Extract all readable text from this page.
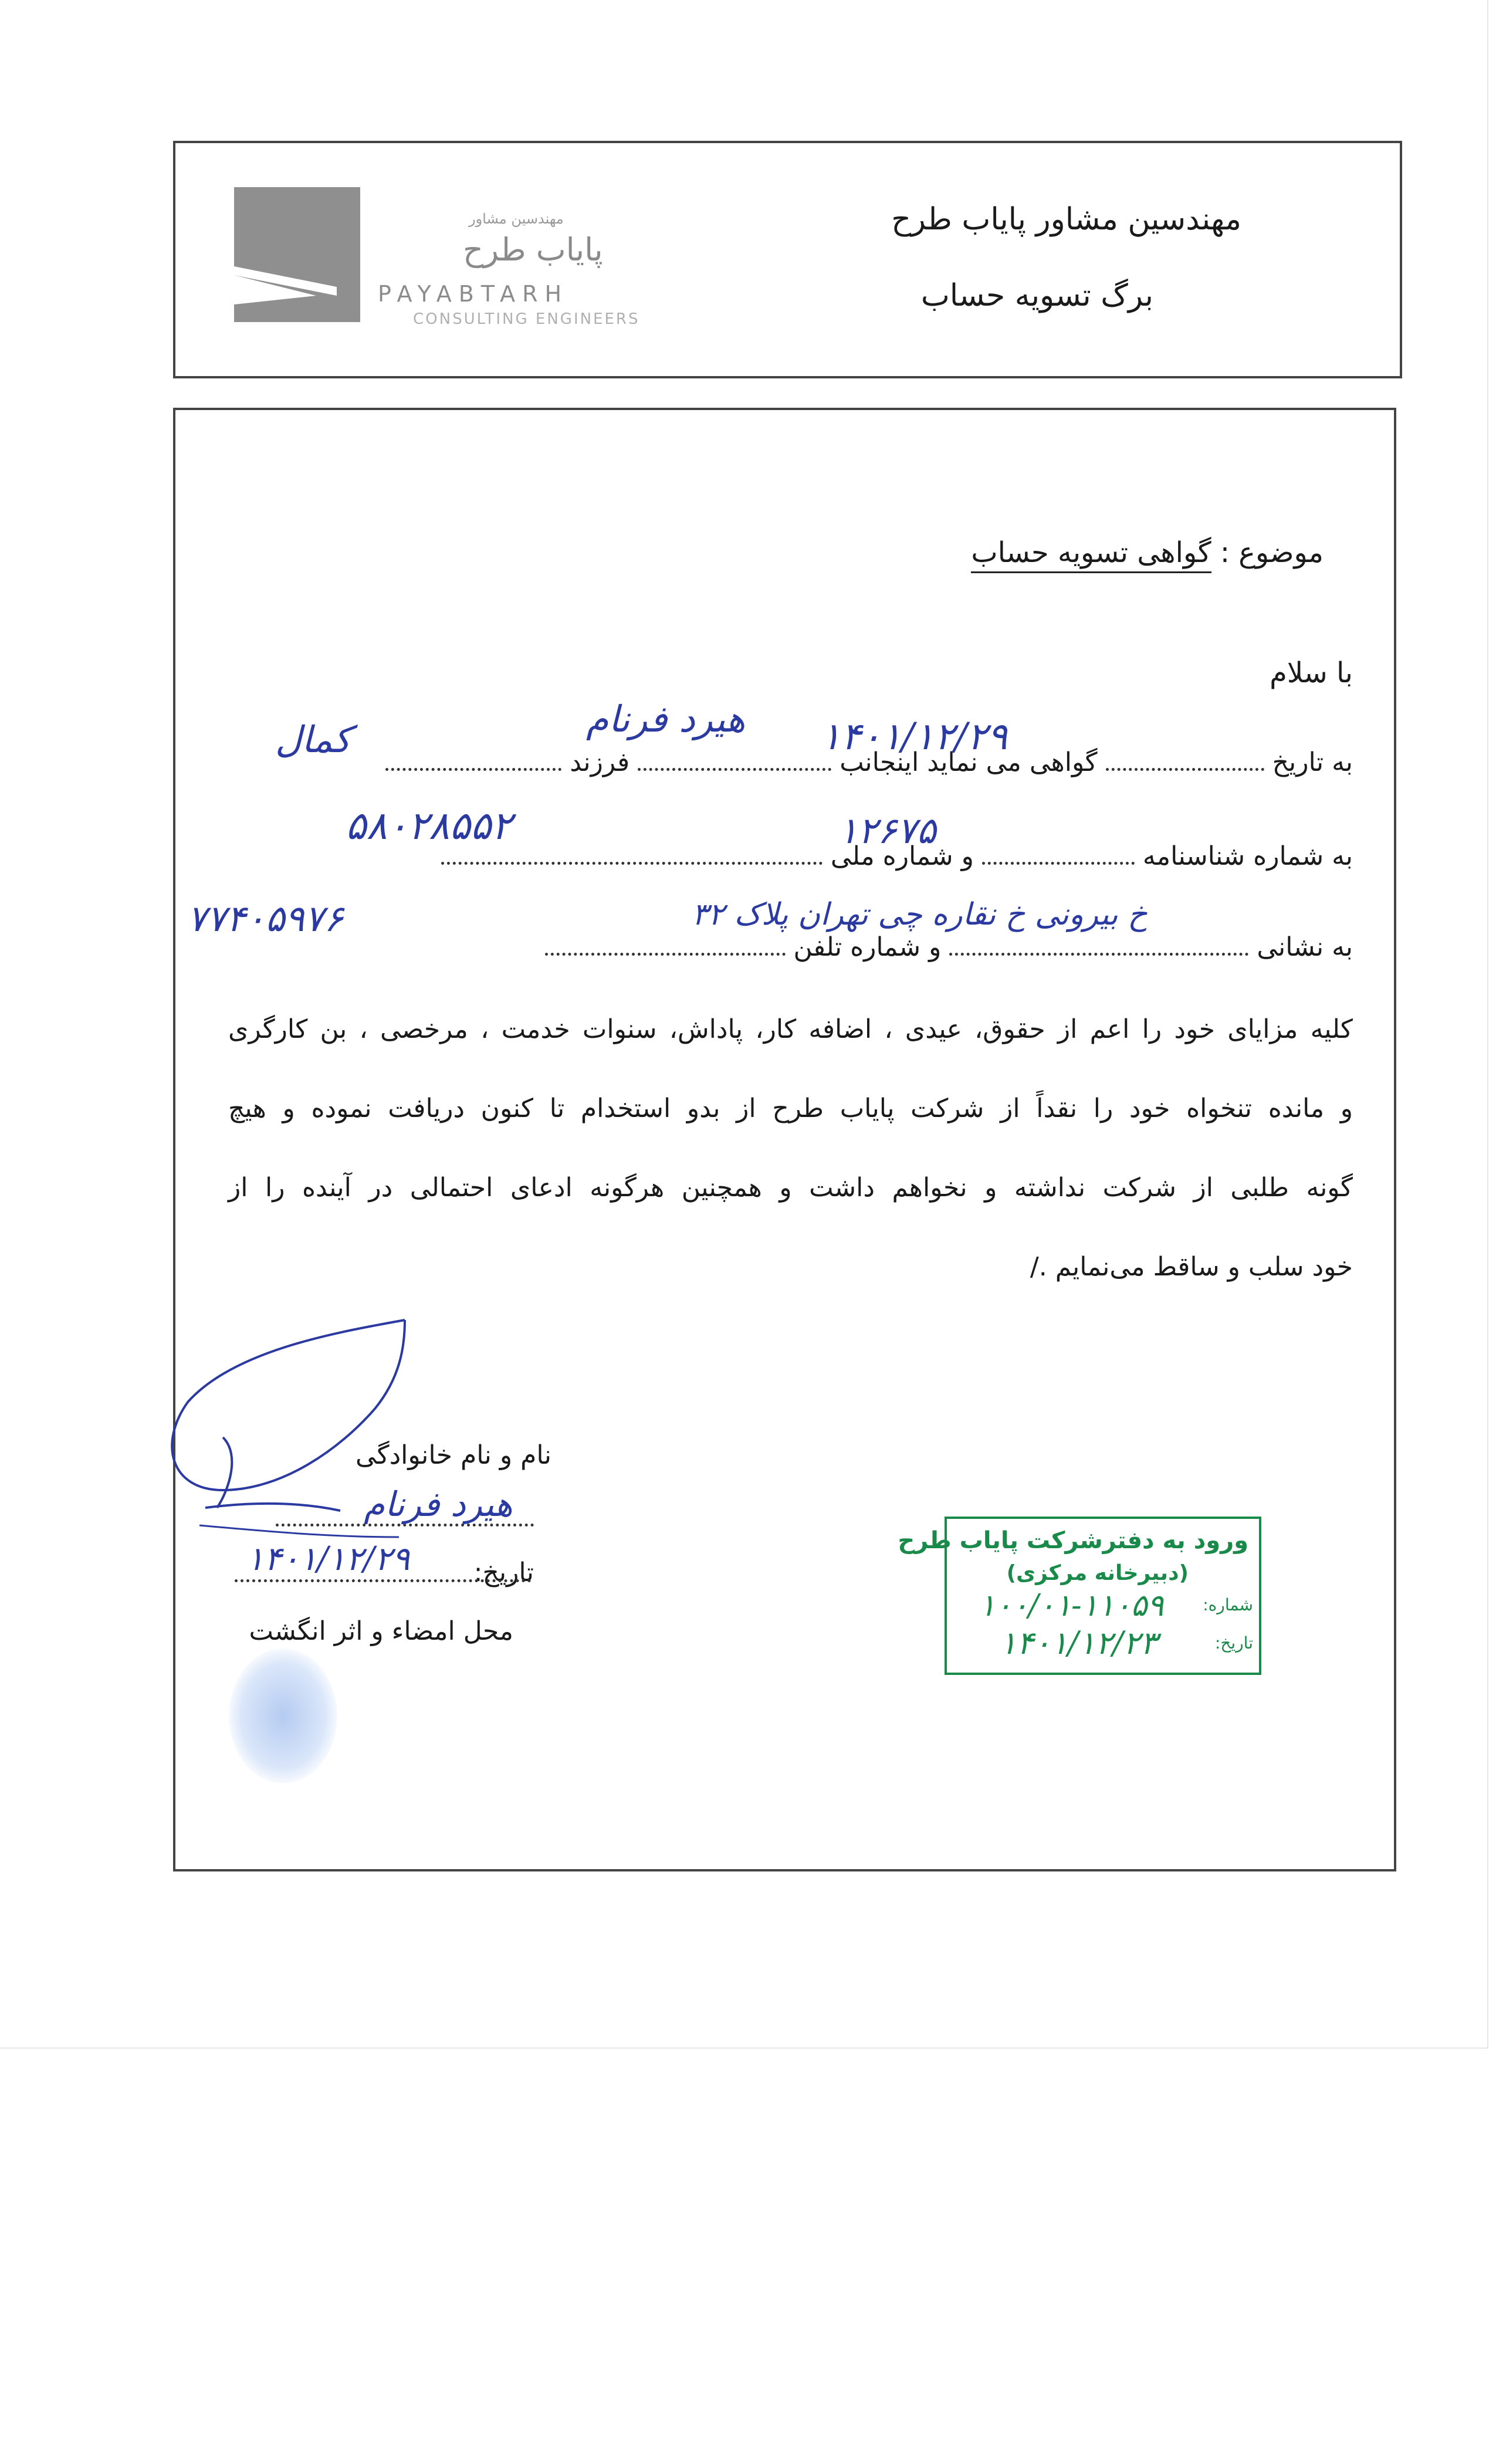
مهندسین مشاور
پایاب طرح
PAYABTARH
CONSULTING ENGINEERS
مهندسین مشاور پایاب طرح
برگ تسویه حساب
موضوع : گواهی تسویه حساب
با سلام
به تاریخ  گواهی می نماید اینجانب  فرزند
۱۴۰۱/۱۲/۲۹
هیرد فرنام
کمال
به شماره شناسنامه  و شماره ملی
۱۲۶۷۵
۵۸۰۲۸۵۵۲
به نشانی  و شماره تلفن
خ بیرونی خ نقاره چی تهران پلاک ۳۲
۷۷۴۰۵۹۷۶
کلیه مزایای خود را اعم از حقوق، عیدی ، اضافه کار، پاداش، سنوات خدمت ، مرخصی ، بن کارگری
و مانده تنخواه خود را نقداً از شرکت پایاب طرح از بدو استخدام تا کنون دریافت نموده و هیچ
گونه طلبی از شرکت نداشته و نخواهم داشت و همچنین هرگونه ادعای احتمالی در آینده را از
خود سلب و ساقط می‌نمایم ./
نام و نام خانوادگی
هیرد فرنام
تاریخ:
۱۴۰۱/۱۲/۲۹
محل امضاء و اثر انگشت
ورود به دفترشرکت پایاب طرح
(دبیرخانه مرکزی)
شماره:
۱۰۰/۰۱-۱۱۰۵۹
تاریخ:
۱۴۰۱/۱۲/۲۳
